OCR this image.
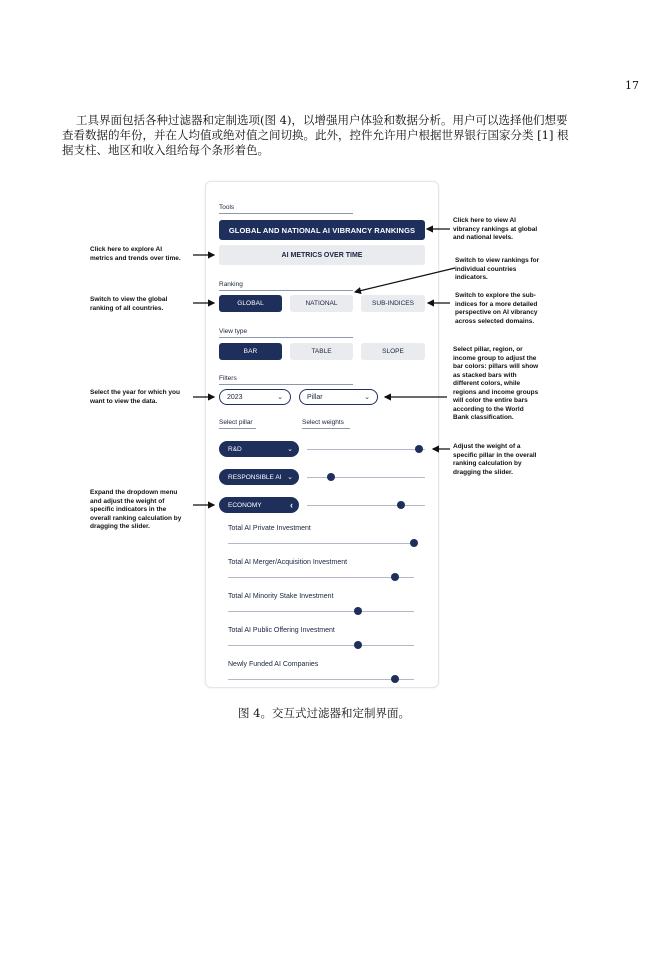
17

工具界面包括各种过滤器和定制选项(图 4)，以增强用户体验和数据分析。用户可以选择他们想要
查看数据的年份，并在人均值或绝对值之间切换。此外，控件允许用户根据世界银行国家分类 [1] 根
据支柱、地区和收入组给每个条形着色。

Tools
GLOBAL AND NATIONAL AI VIBRANCY RANKINGS
AI METRICS OVER TIME
Ranking
GLOBAL	NATIONAL	SUB-INDICES
View type
BAR	TABLE	SLOPE
Filters
2023	⌄	Pillar	⌄
Select pillar	Select weights
R&D	⌄
RESPONSIBLE AI ⌄
ECONOMY	‹
Total AI Private Investment
Total AI Merger/Acquisition Investment
Total AI Minority Stake Investment
Total AI Public Offering Investment
Newly Funded AI Companies
Click here to view AI
vibrancy rankings at global
and national levels.
Click here to explore AI
metrics and trends over time.	Switch to view rankings for
individual countries
indicators.
Switch to view the global
ranking of all countries.
Switch to explore the sub-
indices for a more detailed
perspective on AI vibrancy
across selected domains.
Select pillar, region, or
income group to adjust the
bar colors: pillars will show
as stacked bars with
different colors, while
regions and income groups
will color the entire bars
according to the World
Bank classification.
Select the year for which you
want to view the data.
Adjust the weight of a
specific pillar in the overall
ranking calculation by
dragging the slider.
Expand the dropdown menu
and adjust the weight of
specific indicators in the
overall ranking calculation by
dragging the slider.
图 4。交互式过滤器和定制界面。
